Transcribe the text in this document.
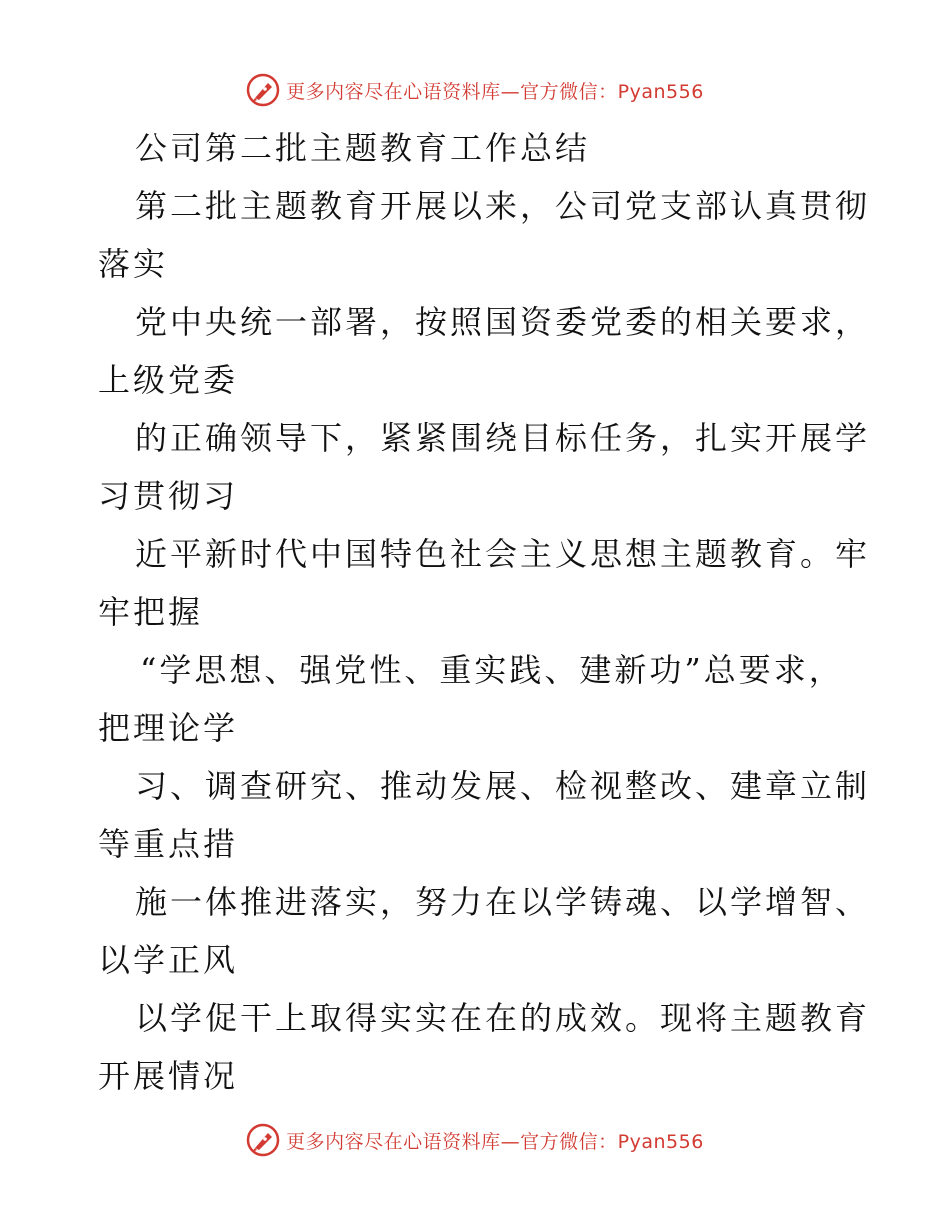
更多内容尽在心语资料库—官方微信：Pyan556
公司第二批主题教育工作总结
第二批主题教育开展以来，公司党支部认真贯彻
落实
党中央统一部署，按照国资委党委的相关要求，
上级党委
的正确领导下，紧紧围绕目标任务，扎实开展学
习贯彻习
近平新时代中国特色社会主义思想主题教育。牢
牢把握
“学思想、强党性、重实践、建新功”总要求，
把理论学
习、调查研究、推动发展、检视整改、建章立制
等重点措
施一体推进落实，努力在以学铸魂、以学增智、
以学正风
以学促干上取得实实在在的成效。现将主题教育
开展情况
更多内容尽在心语资料库—官方微信：Pyan556
